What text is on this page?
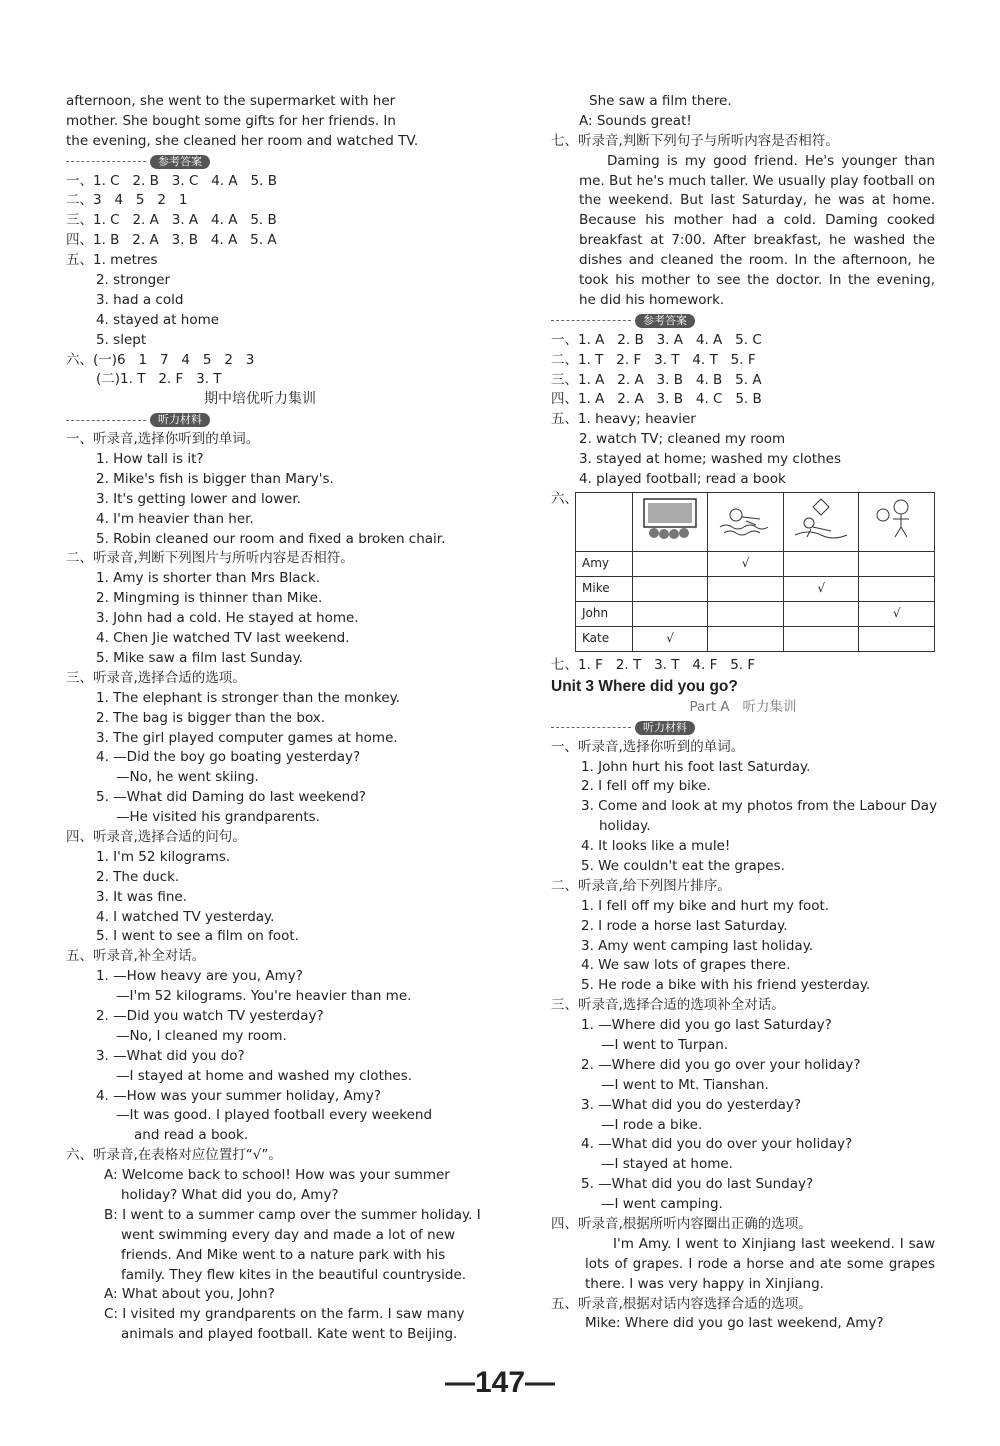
afternoon, she went to the supermarket with her
mother. She bought some gifts for her friends. In
the evening, she cleaned her room and watched TV.
参考答案
一、1. C   2. B   3. C   4. A   5. B
二、3   4   5   2   1
三、1. C   2. A   3. A   4. A   5. B
四、1. B   2. A   3. B   4. A   5. A
五、1. metres
2. stronger
3. had a cold
4. stayed at home
5. slept
六、(一)6   1   7   4   5   2   3
(二)1. T   2. F   3. T
期中培优听力集训
听力材料
一、听录音,选择你听到的单词。
1. How tall is it?
2. Mike's fish is bigger than Mary's.
3. It's getting lower and lower.
4. I'm heavier than her.
5. Robin cleaned our room and fixed a broken chair.
二、听录音,判断下列图片与所听内容是否相符。
1. Amy is shorter than Mrs Black.
2. Mingming is thinner than Mike.
3. John had a cold. He stayed at home.
4. Chen Jie watched TV last weekend.
5. Mike saw a film last Sunday.
三、听录音,选择合适的选项。
1. The elephant is stronger than the monkey.
2. The bag is bigger than the box.
3. The girl played computer games at home.
4. —Did the boy go boating yesterday?
—No, he went skiing.
5. —What did Daming do last weekend?
—He visited his grandparents.
四、听录音,选择合适的问句。
1. I'm 52 kilograms.
2. The duck.
3. It was fine.
4. I watched TV yesterday.
5. I went to see a film on foot.
五、听录音,补全对话。
1. —How heavy are you, Amy?
—I'm 52 kilograms. You're heavier than me.
2. —Did you watch TV yesterday?
—No, I cleaned my room.
3. —What did you do?
—I stayed at home and washed my clothes.
4. —How was your summer holiday, Amy?
—It was good. I played football every weekend
and read a book.
六、听录音,在表格对应位置打“√”。
A: Welcome back to school! How was your summer
holiday? What did you do, Amy?
B: I went to a summer camp over the summer holiday. I
went swimming every day and made a lot of new
friends. And Mike went to a nature park with his
family. They flew kites in the beautiful countryside.
A: What about you, John?
C: I visited my grandparents on the farm. I saw many
animals and played football. Kate went to Beijing.
She saw a film there.
A: Sounds great!
七、听录音,判断下列句子与所听内容是否相符。
Daming is my good friend. He's younger than me. But he's much taller. We usually play football on the weekend. But last Saturday, he was at home. Because his mother had a cold. Daming cooked breakfast at 7:00. After breakfast, he washed the dishes and cleaned the room. In the afternoon, he took his mother to see the doctor. In the evening, he did his homework.
参考答案
一、1. A   2. B   3. A   4. A   5. C
二、1. T   2. F   3. T   4. T   5. F
三、1. A   2. A   3. B   4. B   5. A
四、1. A   2. A   3. B   4. C   5. B
五、1. heavy; heavier
2. watch TV; cleaned my room
3. stayed at home; washed my clothes
4. played football; read a book
六、

Amy		√		
Mike			√	
John				√
Kate	√			
七、1. F   2. T   3. T   4. F   5. F
Unit 3 Where did you go?
Part A   听力集训
听力材料
一、听录音,选择你听到的单词。
1. John hurt his foot last Saturday.
2. I fell off my bike.
3. Come and look at my photos from the Labour Day
holiday.
4. It looks like a mule!
5. We couldn't eat the grapes.
二、听录音,给下列图片排序。
1. I fell off my bike and hurt my foot.
2. I rode a horse last Saturday.
3. Amy went camping last holiday.
4. We saw lots of grapes there.
5. He rode a bike with his friend yesterday.
三、听录音,选择合适的选项补全对话。
1. —Where did you go last Saturday?
—I went to Turpan.
2. —Where did you go over your holiday?
—I went to Mt. Tianshan.
3. —What did you do yesterday?
—I rode a bike.
4. —What did you do over your holiday?
—I stayed at home.
5. —What did you do last Sunday?
—I went camping.
四、听录音,根据所听内容圈出正确的选项。
I'm Amy. I went to Xinjiang last weekend. I saw lots of grapes. I rode a horse and ate some grapes there. I was very happy in Xinjiang.
五、听录音,根据对话内容选择合适的选项。
Mike: Where did you go last weekend, Amy?
—147—
